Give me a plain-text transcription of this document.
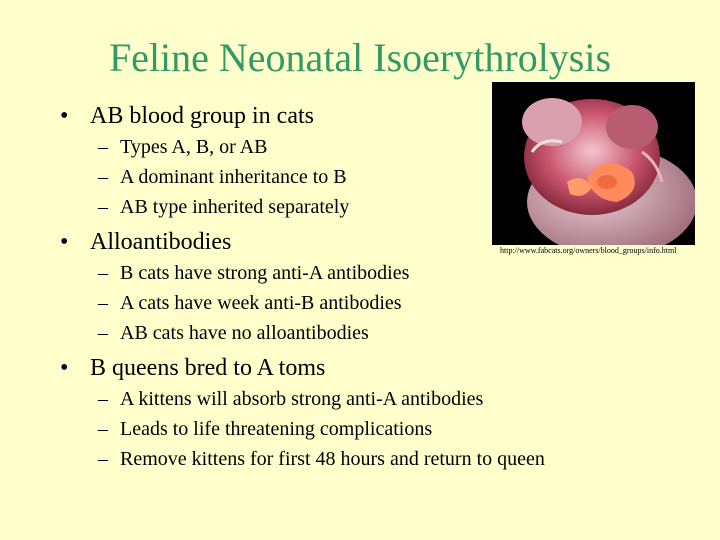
Feline Neonatal Isoerythrolysis
• AB blood group in cats
– Types A, B, or AB
– A dominant inheritance to B
– AB type inherited separately
• Alloantibodies
– B cats have strong anti-A antibodies
– A cats have week anti-B antibodies
– AB cats have no alloantibodies
• B queens bred to A toms
– A kittens will absorb strong anti-A antibodies
– Leads to life threatening complications
– Remove kittens for first 48 hours and return to queen
http://www.fabcats.org/owners/blood_groups/info.html
